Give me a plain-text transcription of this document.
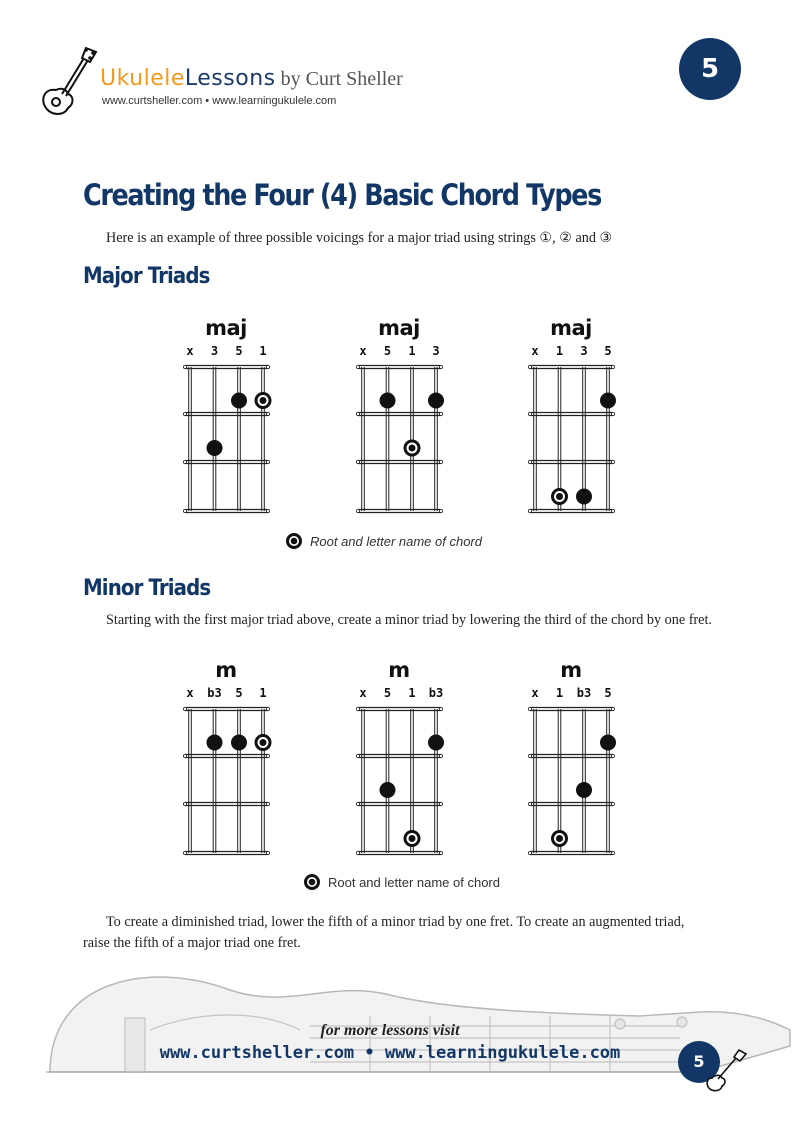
UkuleleLessons by Curt Sheller
www.curtsheller.com • www.learningukulele.com
5
Creating the Four (4) Basic Chord Types
Here is an example of three possible voicings for a major triad using strings ①, ② and ③
Major Triads
maj
x 3 5 1
maj
x 5 1 3
maj
x 1 3 5
Root and letter name of chord
Minor Triads
Starting with the first major triad above, create a minor triad by lowering the third of the chord by one fret.
m
x b3 5 1
m
x 5 1 b3
m
x 1 b3 5
Root and letter name of chord
To create a diminished triad, lower the fifth of a minor triad by one fret. To create an augmented triad, raise the fifth of a major triad one fret.
for more lessons visit
www.curtsheller.com • www.learningukulele.com	5
